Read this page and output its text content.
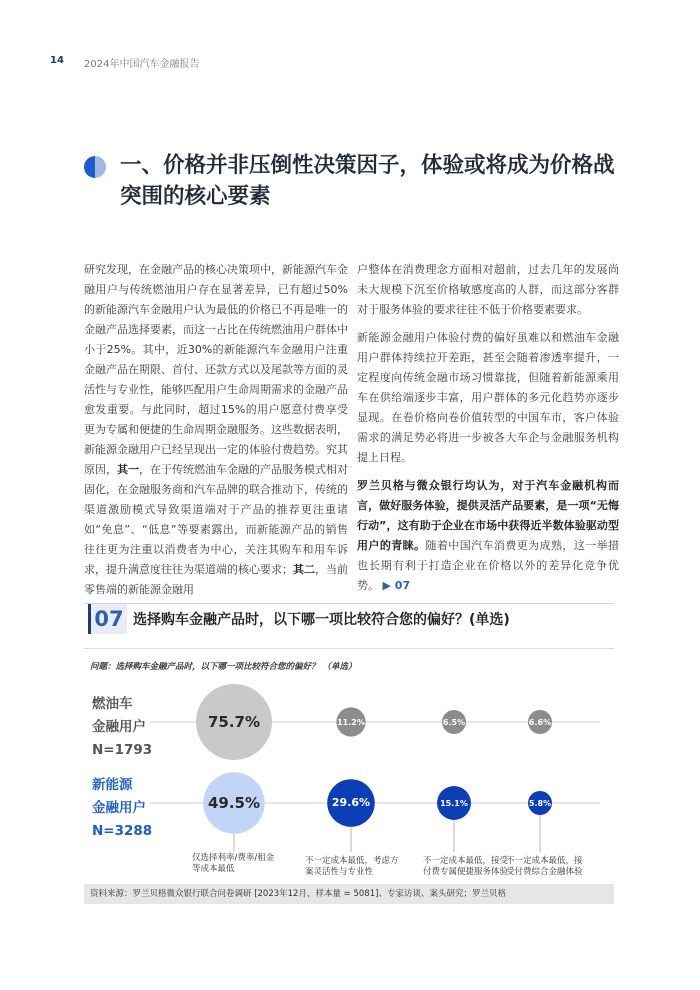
14 2024年中国汽车金融报告
一、价格并非压倒性决策因子，体验或将成为价格战突围的核心要素

研究发现，在金融产品的核心决策项中，新能源汽车金融用户与传统燃油用户存在显著差异，已有超过50%的新能源汽车金融用户认为最低的价格已不再是唯一的金融产品选择要素，而这一占比在传统燃油用户群体中小于25%。其中，近30%的新能源汽车金融用户注重金融产品在期限、首付、还款方式以及尾款等方面的灵活性与专业性，能够匹配用户生命周期需求的金融产品愈发重要。与此同时，超过15%的用户愿意付费享受更为专属和便捷的生命周期金融服务。这些数据表明，新能源金融用户已经呈现出一定的体验付费趋势。究其原因，其一，在于传统燃油车金融的产品服务模式相对固化，在金融服务商和汽车品牌的联合推动下，传统的渠道激励模式导致渠道端对于产品的推荐更注重诸如“免息”、“低息”等要素露出，而新能源产品的销售往往更为注重以消费者为中心，关注其购车和用车诉求，提升满意度往往为渠道端的核心要求；其二，当前零售端的新能源金融用

户整体在消费理念方面相对超前，过去几年的发展尚未大规模下沉至价格敏感度高的人群，而这部分客群对于服务体验的要求往往不低于价格要素要求。

新能源金融用户体验付费的偏好虽难以和燃油车金融用户群体持续拉开差距，甚至会随着渗透率提升，一定程度向传统金融市场习惯靠拢，但随着新能源乘用车在供给端逐步丰富，用户群体的多元化趋势亦逐步显现。在卷价格向卷价值转型的中国车市，客户体验需求的满足势必将进一步被各大车企与金融服务机构提上日程。

罗兰贝格与微众银行均认为，对于汽车金融机构而言，做好服务体验，提供灵活产品要素，是一项“无悔行动”，这有助于企业在市场中获得近半数体验驱动型用户的青睐。随着中国汽车消费更为成熟，这一举措也长期有利于打造企业在价格以外的差异化竞争优势。 ▶ 07

07 选择购车金融产品时，以下哪一项比较符合您的偏好？(单选)
问题：选择购车金融产品时，以下哪一项比较符合您的偏好？ （单选）
燃油车
金融用户
N=1793
新能源
金融用户
N=3288
75.7%	11.2%	6.5%	6.6%
49.5%	29.6%	15.1%	5.8%
仅选择利率/费率/租金
等成本最低
不一定成本最低，考虑方
案灵活性与专业性
不一定成本最低，接受
付费专属便捷服务体验
不一定成本最低，接
受付费综合金融体验
资料来源：罗兰贝格微众银行联合问卷调研 [2023年12月，样本量 = 5081]、专家访谈、案头研究；罗兰贝格
